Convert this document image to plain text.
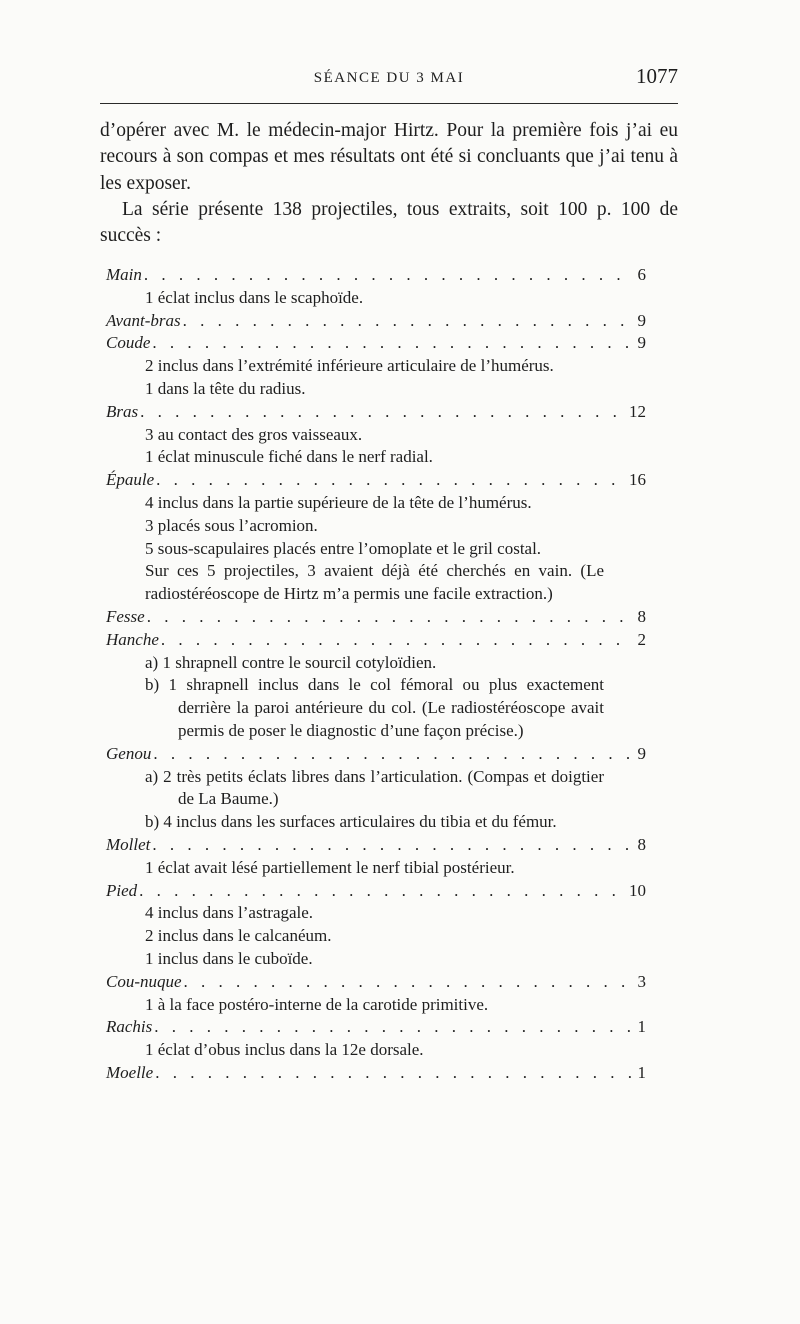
SÉANCE DU 3 MAI	1077

d’opérer avec M. le médecin-major Hirtz. Pour la première fois j’ai eu recours à son compas et mes résultats ont été si concluants que j’ai tenu à les exposer.

La série présente 138 projectiles, tous extraits, soit 100 p. 100 de succès :

Main . . .	6
1 éclat inclus dans le scaphoïde.
Avant-bras . . .	9
Coude . . .	9
2 inclus dans l’extrémité inférieure articulaire de l’humérus.
1 dans la tête du radius.
Bras . . .	12
3 au contact des gros vaisseaux.
1 éclat minuscule fiché dans le nerf radial.
Épaule . . .	16
4 inclus dans la partie supérieure de la tête de l’humérus.
3 placés sous l’acromion.
5 sous-scapulaires placés entre l’omoplate et le gril costal.
Sur ces 5 projectiles, 3 avaient déjà été cherchés en vain. (Le radiostéréoscope de Hirtz m’a permis une facile extraction.)
Fesse . . .	8
Hanche . . .	2
a) 1 shrapnell contre le sourcil cotyloïdien.
b) 1 shrapnell inclus dans le col fémoral ou plus exactement derrière la paroi antérieure du col. (Le radiostéréoscope avait permis de poser le diagnostic d’une façon précise.)
Genou . . .	9
a) 2 très petits éclats libres dans l’articulation. (Compas et doigtier de La Baume.)
b) 4 inclus dans les surfaces articulaires du tibia et du fémur.
Mollet . . .	8
1 éclat avait lésé partiellement le nerf tibial postérieur.
Pied . . .	10
4 inclus dans l’astragale.
2 inclus dans le calcanéum.
1 inclus dans le cuboïde.
Cou-nuque . . .	3
1 à la face postéro-interne de la carotide primitive.
Rachis . . .	1
1 éclat d’obus inclus dans la 12e dorsale.
Moelle . . .	1
